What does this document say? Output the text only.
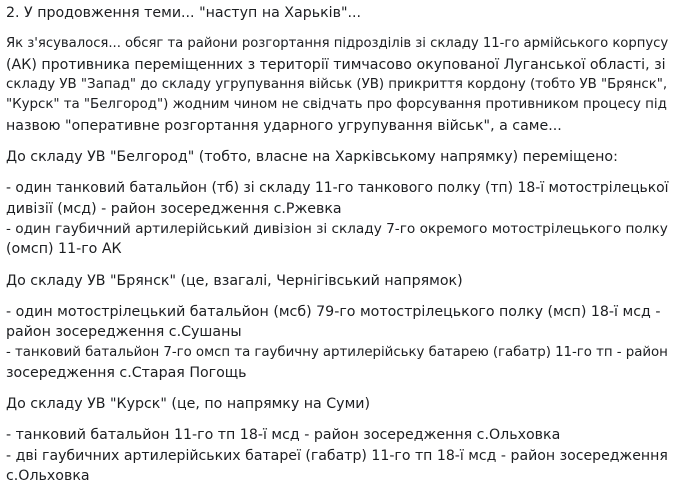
2. У продовження теми... "наступ на Харьків"...

Як з'ясувалося... обсяг та райони розгортання підрозділів зі складу 11-го армійського корпусу
(АК) противника переміщенних з території тимчасово окупованої Луганської області, зі
складу УВ "Запад" до складу угрупування військ (УВ) прикриття кордону (тобто УВ "Брянск",
"Курск" та "Белгород") жодним чином не свідчать про форсування противником процесу під
назвою "оперативне розгортання ударного угрупування військ", а саме...

До складу УВ "Белгород" (тобто, власне на Харківському напрямку) переміщено:

- один танковий батальйон (тб) зі складу 11-го танкового полку (тп) 18-ї мотострілецької
дивізії (мсд) - район зосередження с.Ржевка
- один гаубичний артилерійський дивізіон зі складу 7-го окремого мотострілецького полку
(омсп) 11-го АК

До складу УВ "Брянск" (це, взагалі, Чернігівський напрямок)

- один мотострілецький батальйон (мсб) 79-го мотострілецького полку (мсп) 18-ї мсд -
район зосередження с.Сушаны
- танковий батальйон 7-го омсп та гаубичну артилерійську батарею (габатр) 11-го тп - район
зосередження с.Старая Погощь

До складу УВ "Курск" (це, по напрямку на Суми)

- танковий батальйон 11-го тп 18-ї мсд - район зосередження с.Ольховка
- дві гаубичних артилерійських батареї (габатр) 11-го тп 18-ї мсд - район зосередження
с.Ольховка
